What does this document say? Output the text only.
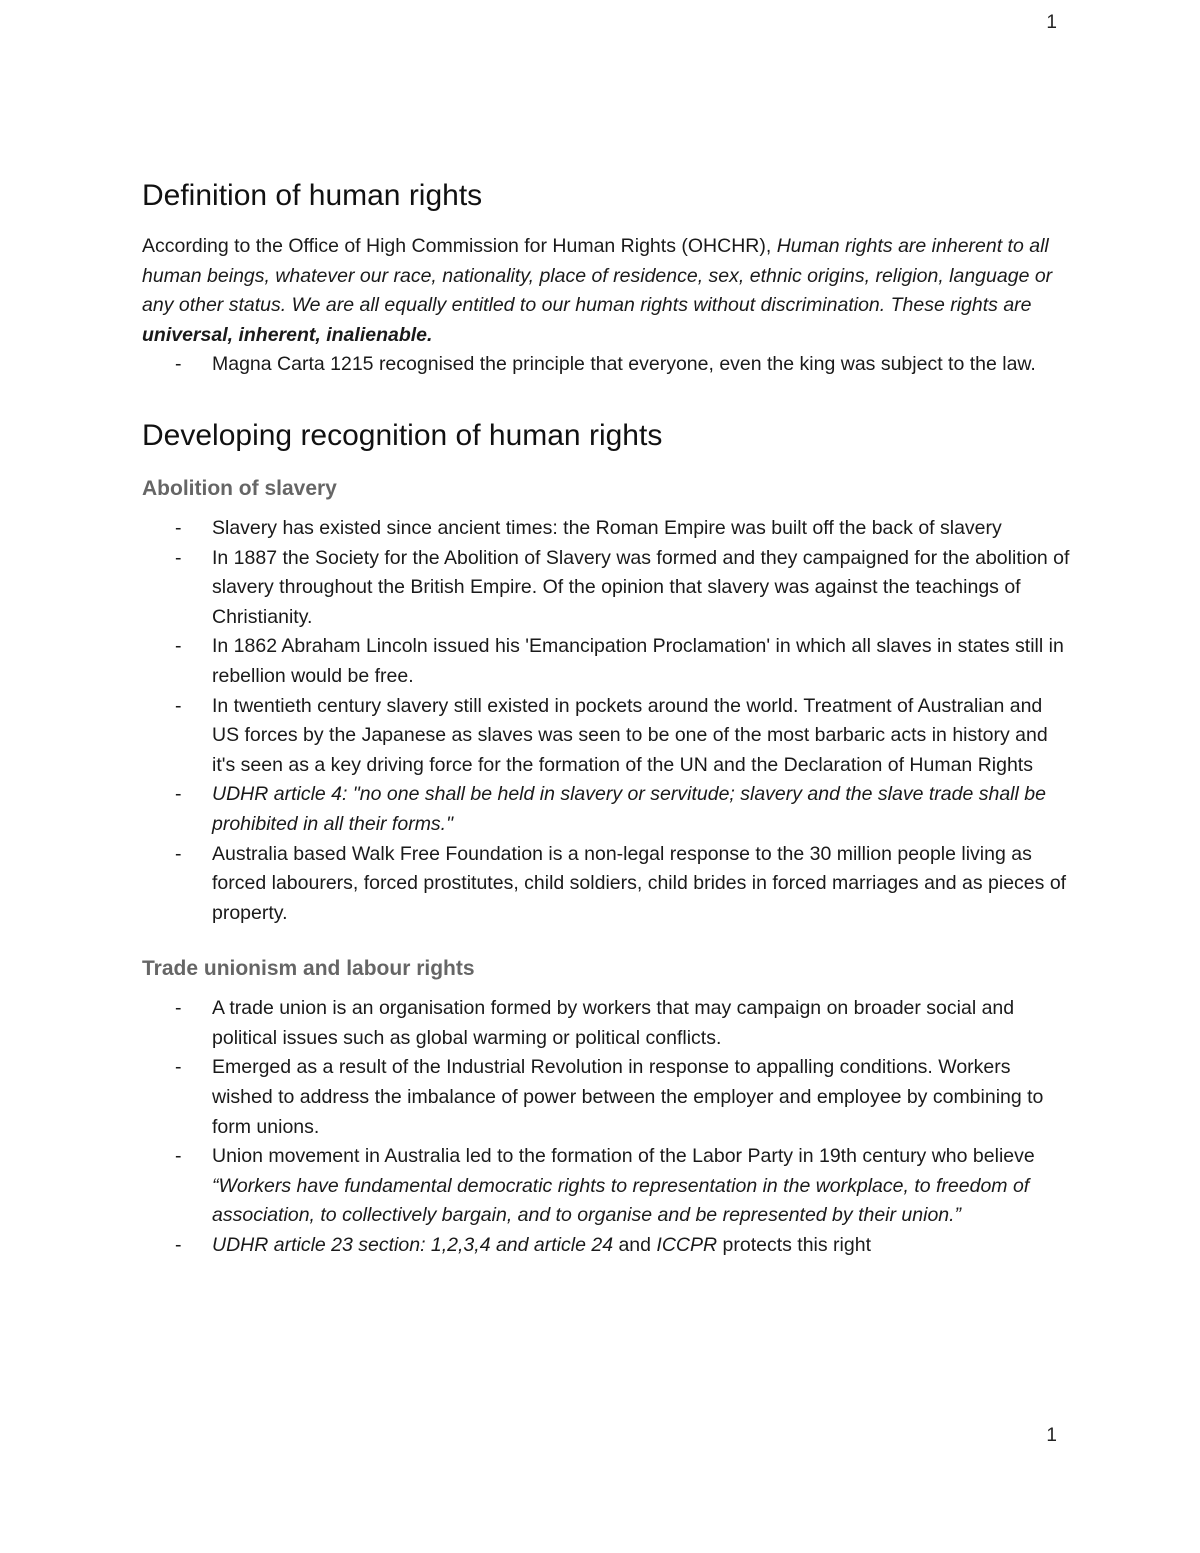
1
Definition of human rights

According to the Office of High Commission for Human Rights (OHCHR), Human rights are inherent to all human beings, whatever our race, nationality, place of residence, sex, ethnic origins, religion, language or any other status. We are all equally entitled to our human rights without discrimination. These rights are universal, inherent, inalienable.

- Magna Carta 1215 recognised the principle that everyone, even the king was subject to the law.
Developing recognition of human rights
Abolition of slavery
- Slavery has existed since ancient times: the Roman Empire was built off the back of slavery
- In 1887 the Society for the Abolition of Slavery was formed and they campaigned for the abolition of slavery throughout the British Empire. Of the opinion that slavery was against the teachings of Christianity.
- In 1862 Abraham Lincoln issued his 'Emancipation Proclamation' in which all slaves in states still in rebellion would be free.
- In twentieth century slavery still existed in pockets around the world. Treatment of Australian and US forces by the Japanese as slaves was seen to be one of the most barbaric acts in history and it's seen as a key driving force for the formation of the UN and the Declaration of Human Rights
- UDHR article 4: "no one shall be held in slavery or servitude; slavery and the slave trade shall be prohibited in all their forms."
- Australia based Walk Free Foundation is a non-legal response to the 30 million people living as forced labourers, forced prostitutes, child soldiers, child brides in forced marriages and as pieces of property.
Trade unionism and labour rights
- A trade union is an organisation formed by workers that may campaign on broader social and political issues such as global warming or political conflicts.
- Emerged as a result of the Industrial Revolution in response to appalling conditions. Workers wished to address the imbalance of power between the employer and employee by combining to form unions.
- Union movement in Australia led to the formation of the Labor Party in 19th century who believe “Workers have fundamental democratic rights to representation in the workplace, to freedom of association, to collectively bargain, and to organise and be represented by their union.”
- UDHR article 23 section: 1,2,3,4 and article 24 and ICCPR protects this right
1
